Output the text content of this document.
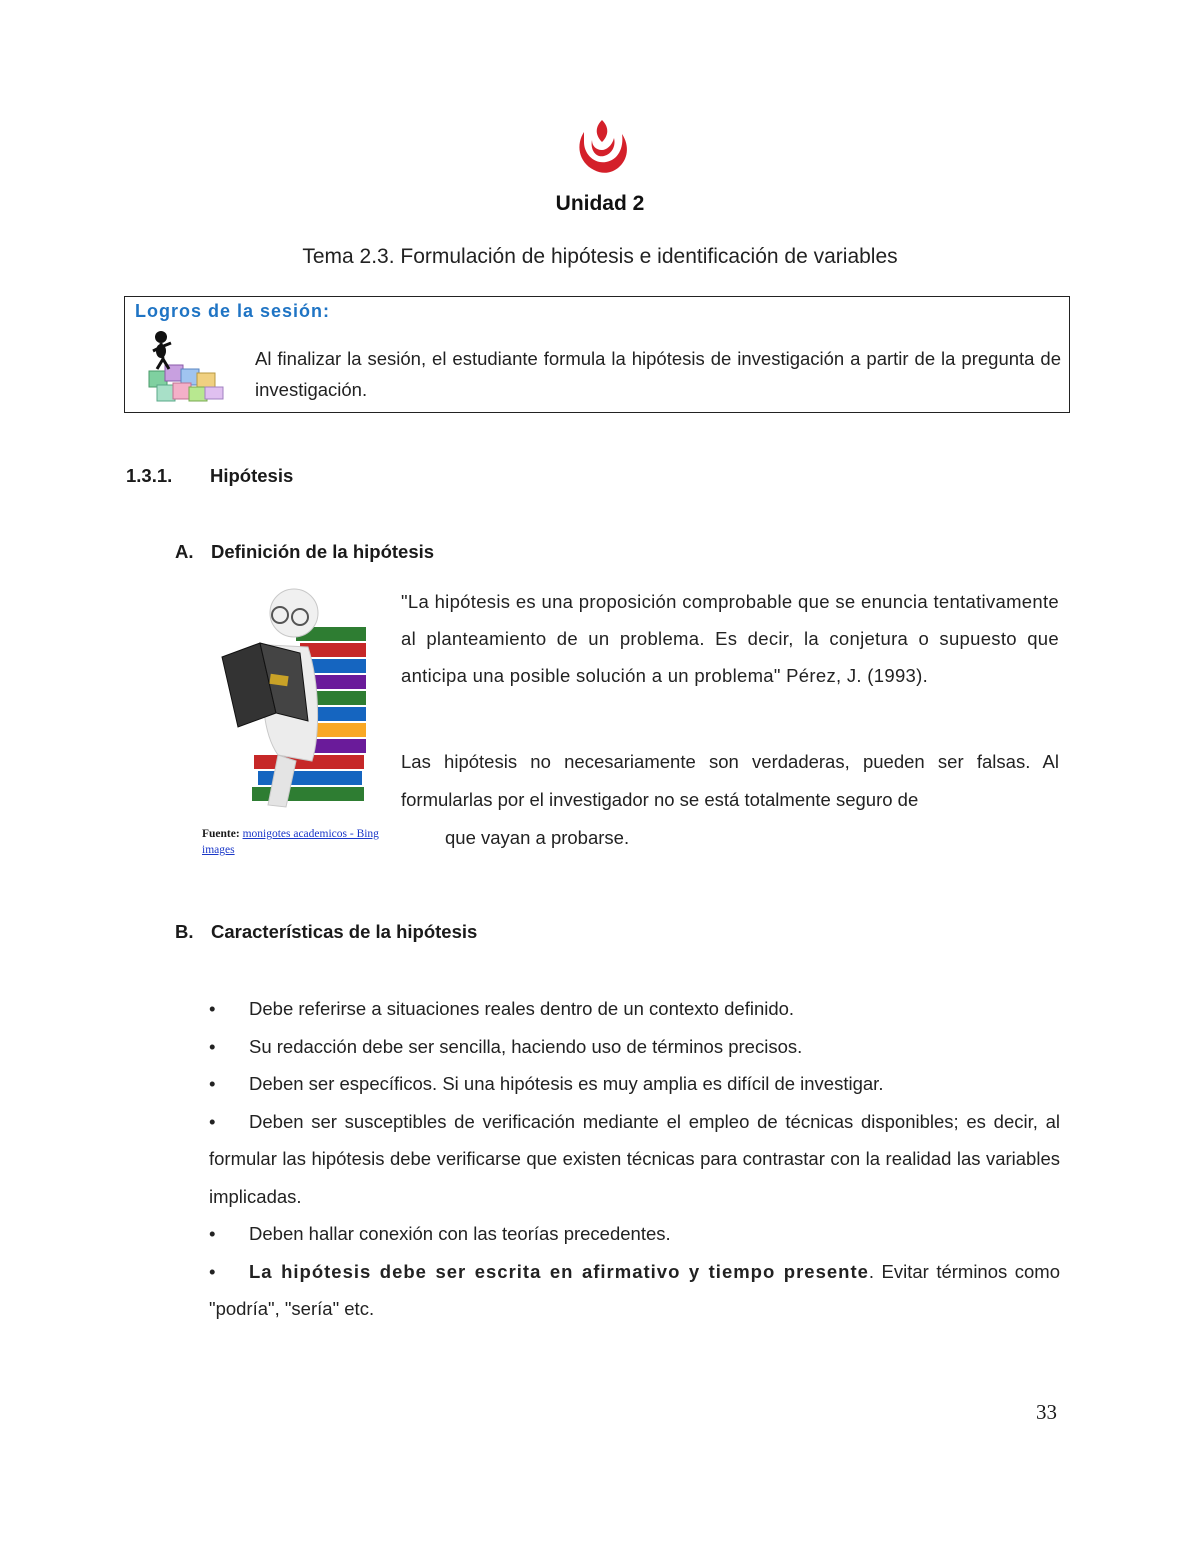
Unidad 2
Tema 2.3. Formulación de hipótesis e identificación de variables
Logros de la sesión:
Al finalizar la sesión, el estudiante formula la hipótesis de investigación a partir de la pregunta de investigación.
1.3.1. Hipótesis
A. Definición de la hipótesis
Fuente: monigotes academicos - Bing images
"La hipótesis es una proposición comprobable que se enuncia tentativamente al planteamiento de un problema. Es decir, la conjetura o supuesto que anticipa una posible solución a un problema" Pérez, J. (1993).
Las hipótesis no necesariamente son verdaderas, pueden ser falsas. Al formularlas por el investigador no se está totalmente seguro de
que vayan a probarse.
B. Características de la hipótesis
• Debe referirse a situaciones reales dentro de un contexto definido.
• Su redacción debe ser sencilla, haciendo uso de términos precisos.
• Deben ser específicos. Si una hipótesis es muy amplia es difícil de investigar.
• Deben ser susceptibles de verificación mediante el empleo de técnicas disponibles; es decir, al formular las hipótesis debe verificarse que existen técnicas para contrastar con la realidad las variables implicadas.
• Deben hallar conexión con las teorías precedentes.
• La hipótesis debe ser escrita en afirmativo y tiempo presente. Evitar términos como "podría", "sería" etc.
33
